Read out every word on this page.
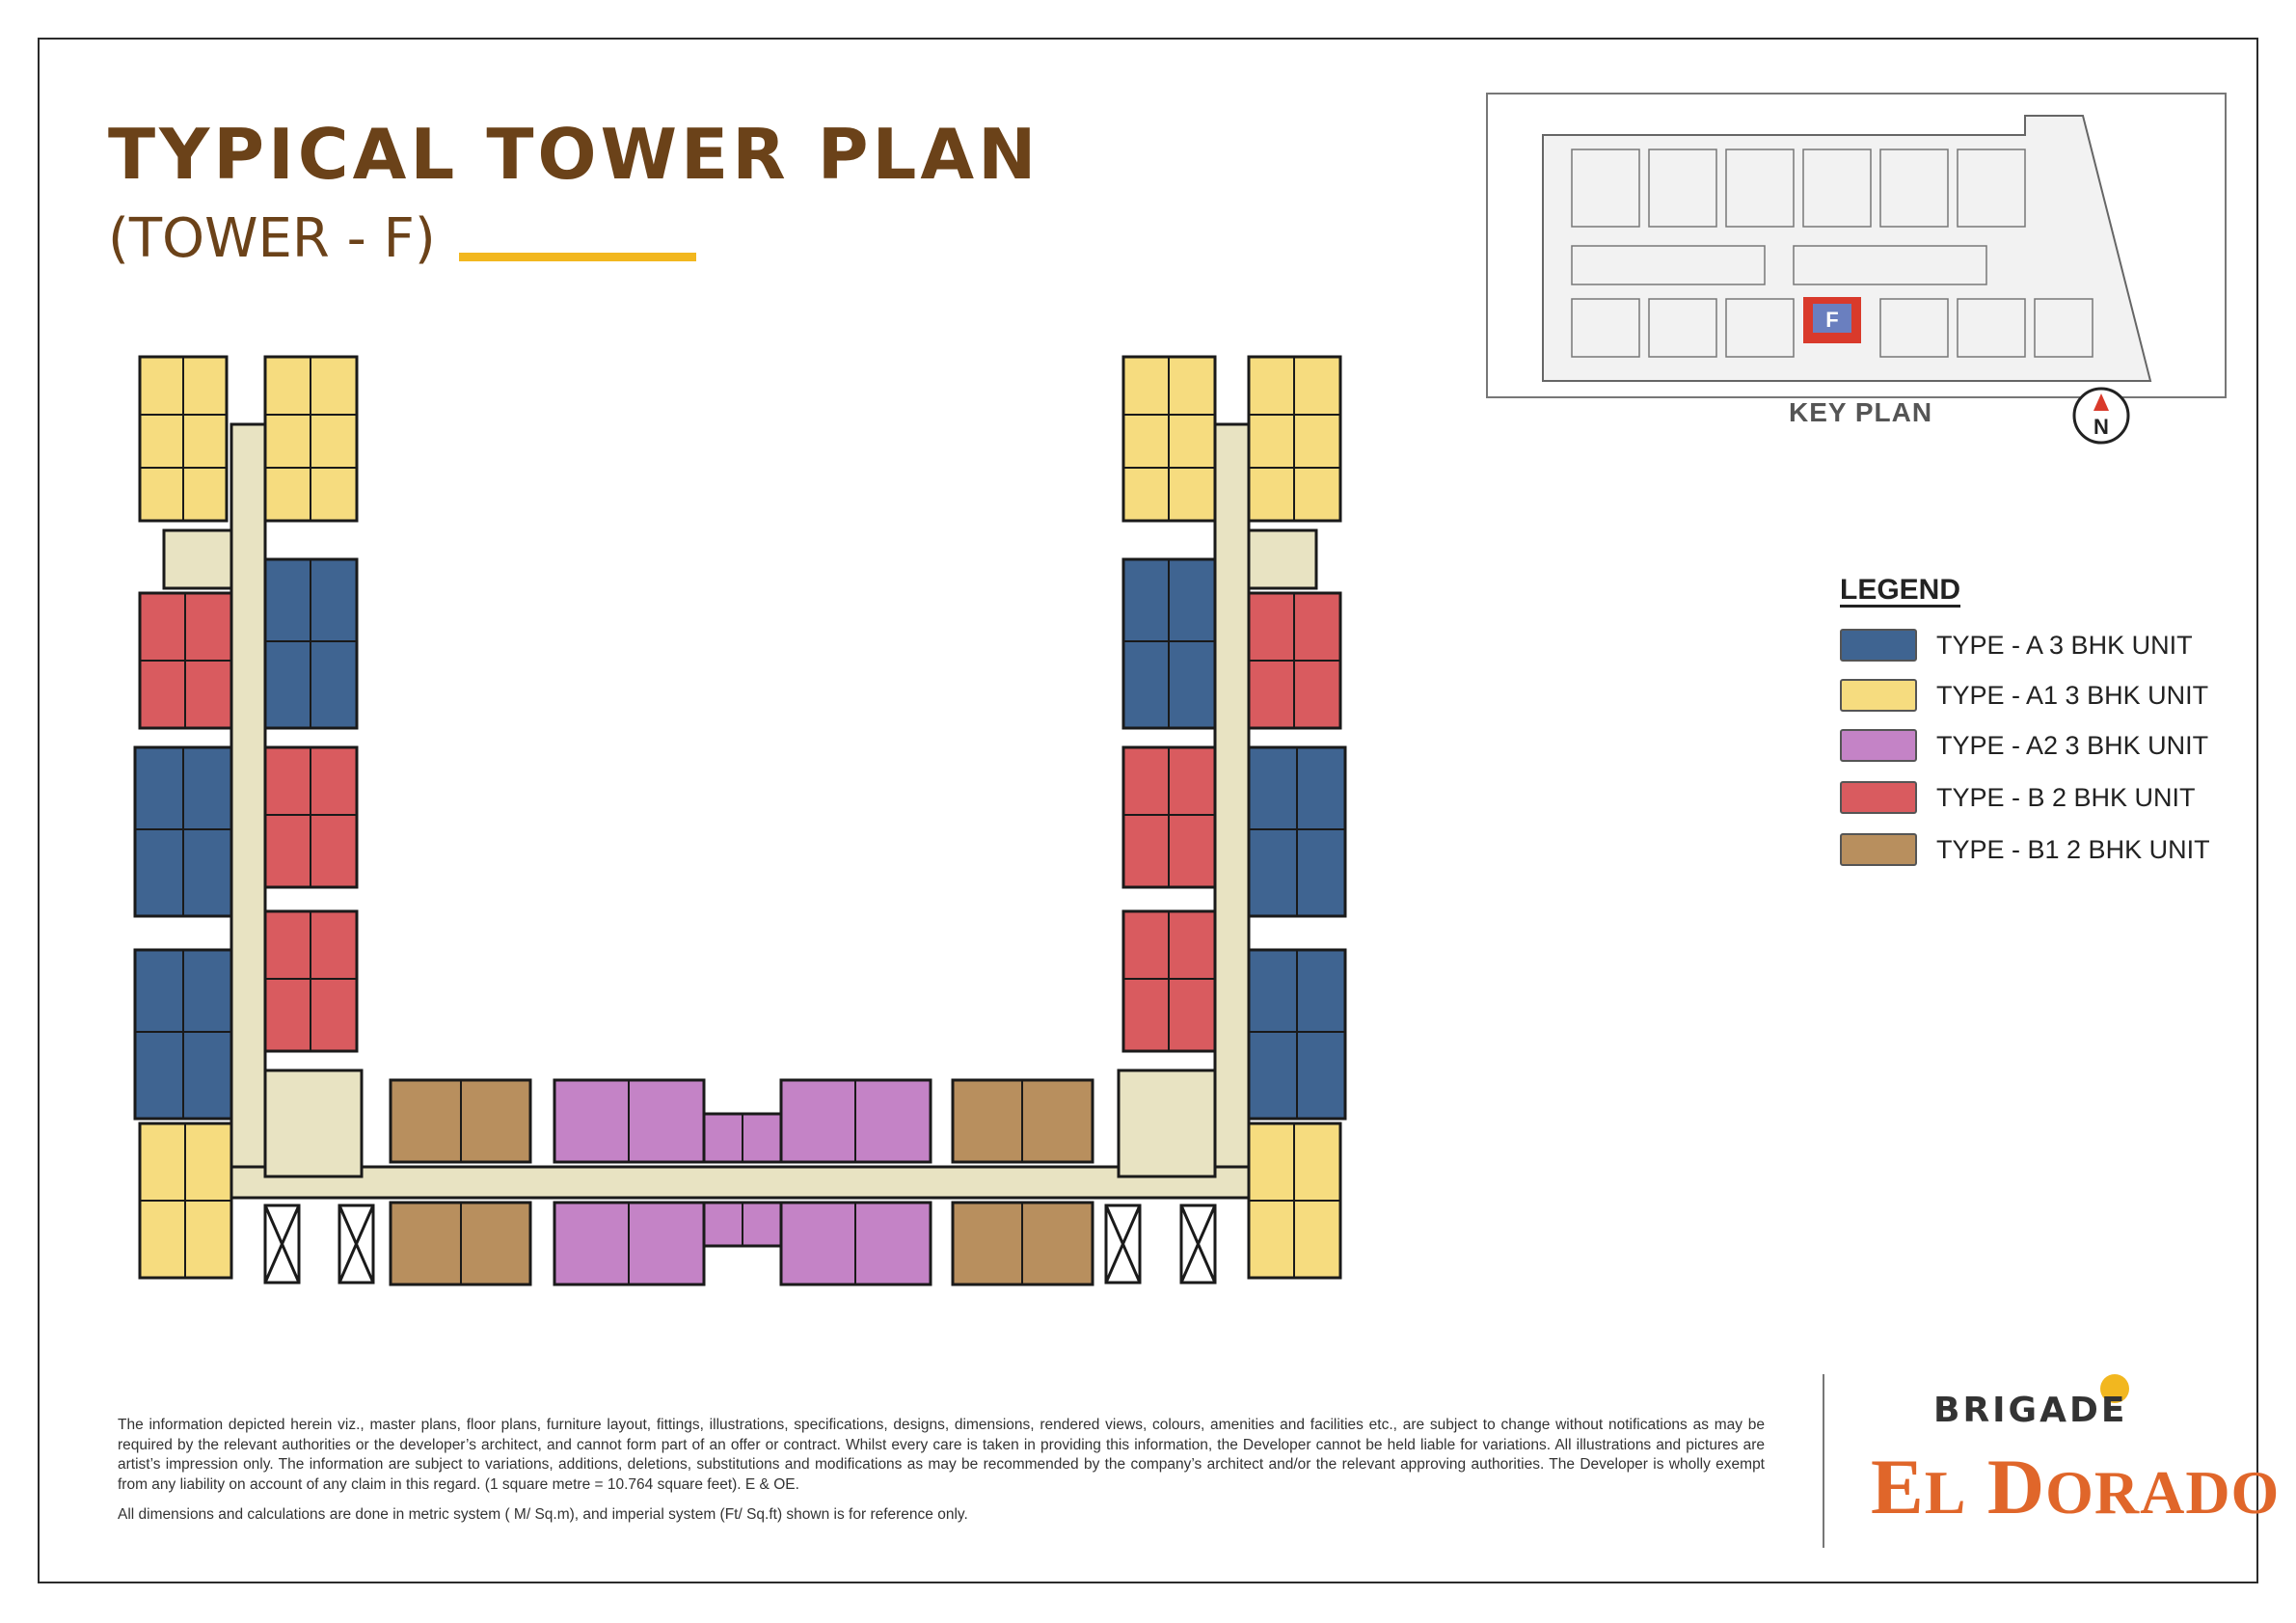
TYPICAL TOWER PLAN
(TOWER - F)
F
KEY PLAN	N
LEGEND
TYPE - A 3 BHK UNIT
TYPE - A1 3 BHK UNIT
TYPE - A2 3 BHK UNIT
TYPE - B 2 BHK UNIT
TYPE - B1 2 BHK UNIT
The information depicted herein viz., master plans, floor plans, furniture layout, fittings, illustrations, specifications, designs, dimensions, rendered views, colours, amenities and facilities etc., are subject to change without notifications as may be required by the relevant authorities or the developer’s architect, and cannot form part of an offer or contract. Whilst every care is taken in providing this information, the Developer cannot be held liable for variations. All illustrations and pictures are artist’s impression only. The information are subject to variations, additions, deletions, substitutions and modifications as may be recommended by the company’s architect and/or the relevant approving authorities. The Developer is wholly exempt from any liability on account of any claim in this regard. (1 square metre = 10.764 square feet). E & OE.
All dimensions and calculations are done in metric system ( M/ Sq.m), and imperial system (Ft/ Sq.ft) shown is for reference only.
BRIGADE
EL DORADO
